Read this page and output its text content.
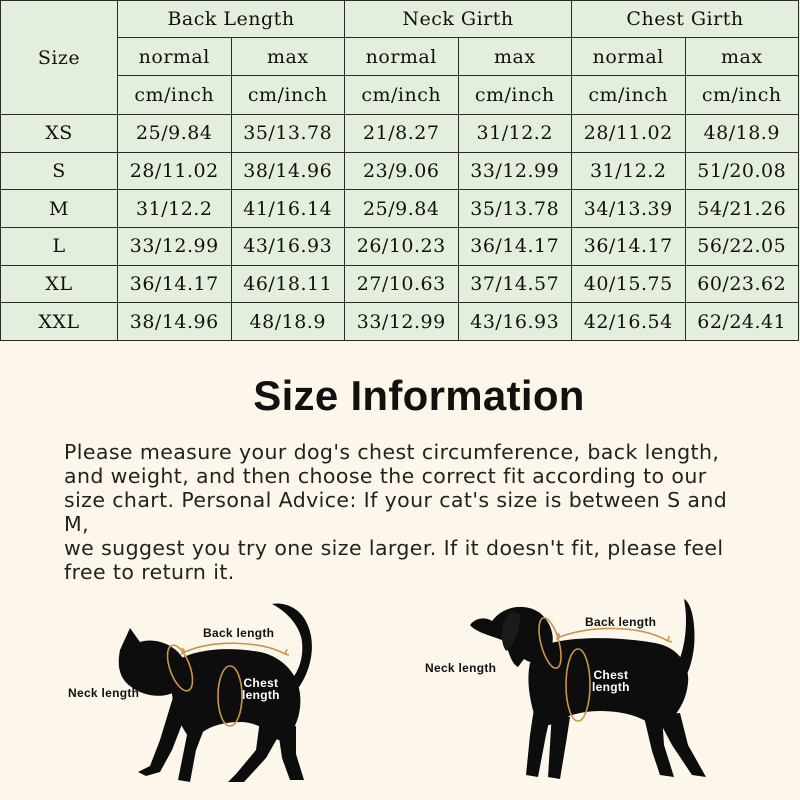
Size	Back Length		Neck Girth		Chest Girth	
	normal	max	normal	max	normal	max
	cm/inch	cm/inch	cm/inch	cm/inch	cm/inch	cm/inch
XS	25/9.84	35/13.78	21/8.27	31/12.2	28/11.02	48/18.9
S	28/11.02	38/14.96	23/9.06	33/12.99	31/12.2	51/20.08
M	31/12.2	41/16.14	25/9.84	35/13.78	34/13.39	54/21.26
L	33/12.99	43/16.93	26/10.23	36/14.17	36/14.17	56/22.05
XL	36/14.17	46/18.11	27/10.63	37/14.57	40/15.75	60/23.62
XXL	38/14.96	48/18.9	33/12.99	43/16.93	42/16.54	62/24.41
Size Information
Please measure your dog's chest circumference, back length,
and weight, and then choose the correct fit according to our
size chart. Personal Advice: If your cat's size is between S and M,
we suggest you try one size larger. If it doesn't fit, please feel
free to return it.
Back length
Neck length
Chest
length
Back length
Neck length	Chest
length
